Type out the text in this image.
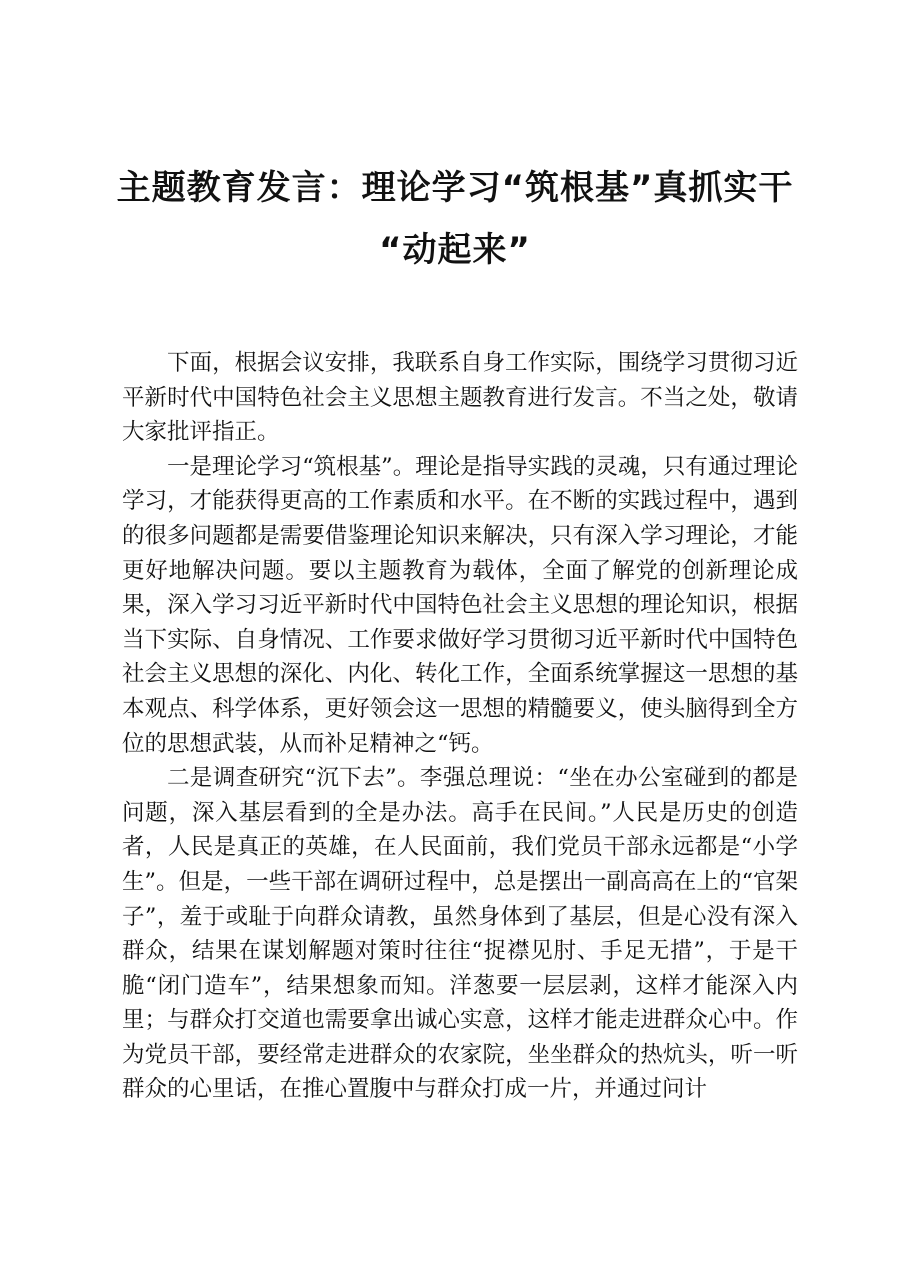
主题教育发言：理论学习“筑根基”真抓实干
“动起来”

下面，根据会议安排，我联系自身工作实际，围绕学习贯彻习近平新时代中国特色社会主义思想主题教育进行发言。不当之处，敬请大家批评指正。

一是理论学习“筑根基”。理论是指导实践的灵魂，只有通过理论学习，才能获得更高的工作素质和水平。在不断的实践过程中，遇到的很多问题都是需要借鉴理论知识来解决，只有深入学习理论，才能更好地解决问题。要以主题教育为载体，全面了解党的创新理论成果，深入学习习近平新时代中国特色社会主义思想的理论知识，根据当下实际、自身情况、工作要求做好学习贯彻习近平新时代中国特色社会主义思想的深化、内化、转化工作，全面系统掌握这一思想的基本观点、科学体系，更好领会这一思想的精髓要义，使头脑得到全方位的思想武装，从而补足精神之“钙。

二是调查研究“沉下去”。李强总理说：“坐在办公室碰到的都是问题，深入基层看到的全是办法。高手在民间。”人民是历史的创造者，人民是真正的英雄，在人民面前，我们党员干部永远都是“小学生”。但是，一些干部在调研过程中，总是摆出一副高高在上的“官架子”，羞于或耻于向群众请教，虽然身体到了基层，但是心没有深入群众，结果在谋划解题对策时往往“捉襟见肘、手足无措”，于是干脆“闭门造车”，结果想象而知。洋葱要一层层剥，这样才能深入内里；与群众打交道也需要拿出诚心实意，这样才能走进群众心中。作为党员干部，要经常走进群众的农家院，坐坐群众的热炕头，听一听群众的心里话，在推心置腹中与群众打成一片，并通过问计
